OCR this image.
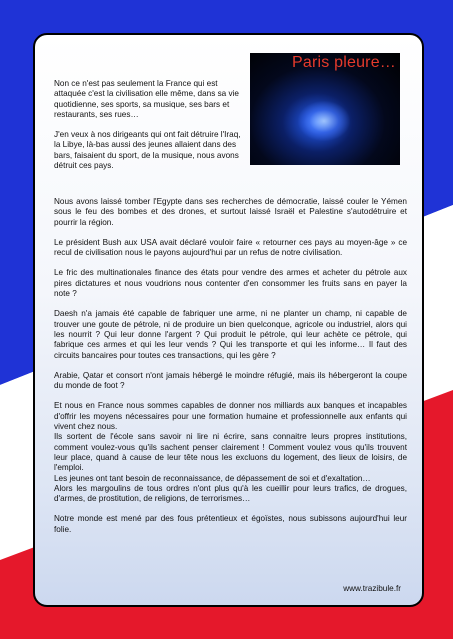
Paris pleure…

Non ce n'est pas seulement la France qui est attaquée c'est la civilisation elle même, dans sa vie quotidienne, ses sports, sa musique, ses bars et restaurants, ses rues…

J'en veux à nos dirigeants qui ont fait détruire l'Iraq, la Libye, là-bas aussi des jeunes allaient dans des bars, faisaient du sport, de la musique, nous avons détruit ces pays.

Nous avons laissé tomber l'Egypte dans ses recherches de démocratie, laissé couler le Yémen sous le feu des bombes et des drones, et surtout laissé Israël et Palestine s'autodétruire et pourrir la région.

Le président Bush aux USA avait déclaré vouloir faire « retourner ces pays au moyen-âge » ce recul de civilisation nous le payons aujourd'hui par un refus de notre civilisation.

Le fric des multinationales finance des états pour vendre des armes et acheter du pétrole aux pires dictatures et nous voudrions nous contenter d'en consommer les fruits sans en payer la note ?

Daesh n'a jamais été capable de fabriquer une arme, ni ne planter un champ, ni capable de trouver une goute de pétrole, ni de produire un bien quelconque, agricole ou industriel, alors qui les nourrit ? Qui leur donne l'argent ? Qui produit le pétrole, qui leur achète ce pétrole, qui fabrique ces armes et qui les leur vends ? Qui les transporte et qui les informe… Il faut des circuits bancaires pour toutes ces transactions, qui les gère ?

Arabie, Qatar et consort n'ont jamais hébergé le moindre réfugié, mais ils hébergeront la coupe du monde de foot ?

Et nous en France nous sommes capables de donner nos milliards aux banques et incapables d'offrir les moyens nécessaires pour une formation humaine et professionnelle aux enfants qui vivent chez nous.

Ils sortent de l'école sans savoir ni lire ni écrire, sans connaitre leurs propres institutions, comment voulez-vous qu'ils sachent penser clairement ! Comment voulez vous qu'ils trouvent leur place, quand à cause de leur tête nous les excluons du logement, des lieux de loisirs, de l'emploi.

Les jeunes ont tant besoin de reconnaissance, de dépassement de soi et d'exaltation…

Alors les margoulins de tous ordres n'ont plus qu'à les cueillir pour leurs trafics, de drogues, d'armes, de prostitution, de religions, de terrorismes…

Notre monde est mené par des fous prétentieux et égoïstes, nous subissons aujourd'hui leur folie.

www.trazibule.fr
